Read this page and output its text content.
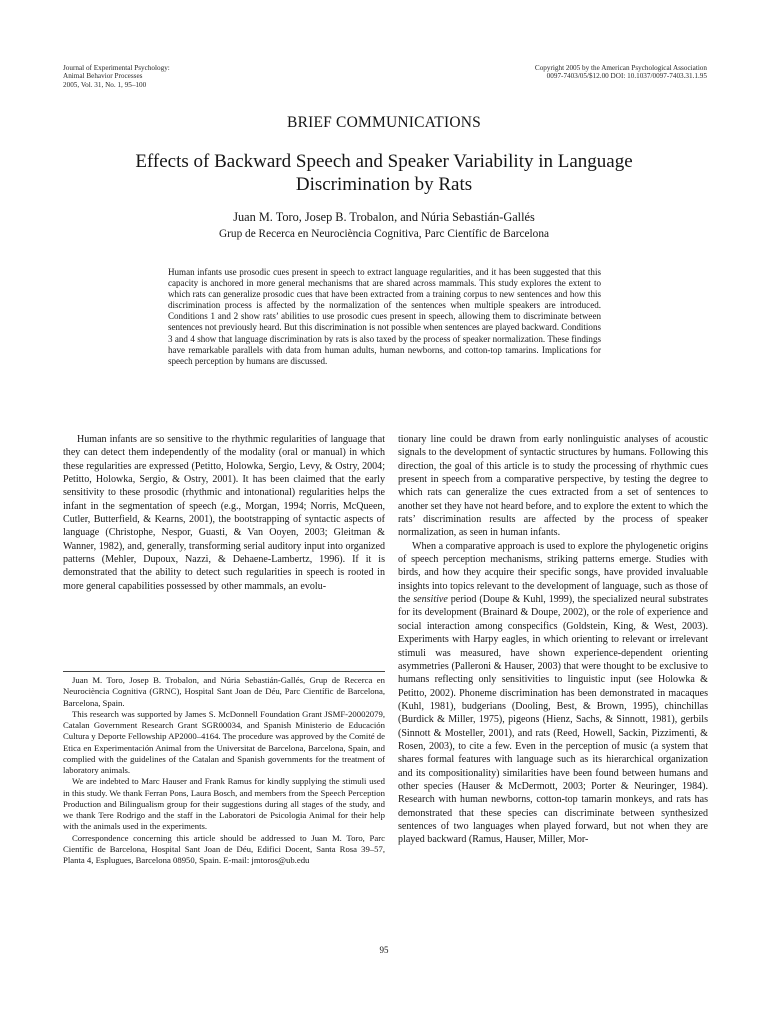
Journal of Experimental Psychology:
Animal Behavior Processes
2005, Vol. 31, No. 1, 95–100
Copyright 2005 by the American Psychological Association
0097-7403/05/$12.00 DOI: 10.1037/0097-7403.31.1.95
BRIEF COMMUNICATIONS
Effects of Backward Speech and Speaker Variability in Language
Discrimination by Rats
Juan M. Toro, Josep B. Trobalon, and Núria Sebastián-Gallés
Grup de Recerca en Neurociència Cognitiva, Parc Científic de Barcelona
Human infants use prosodic cues present in speech to extract language regularities, and it has been suggested that this capacity is anchored in more general mechanisms that are shared across mammals. This study explores the extent to which rats can generalize prosodic cues that have been extracted from a training corpus to new sentences and how this discrimination process is affected by the normalization of the sentences when multiple speakers are introduced. Conditions 1 and 2 show rats’ abilities to use prosodic cues present in speech, allowing them to discriminate between sentences not previously heard. But this discrimination is not possible when sentences are played backward. Conditions 3 and 4 show that language discrimination by rats is also taxed by the process of speaker normalization. These findings have remarkable parallels with data from human adults, human newborns, and cotton-top tamarins. Implications for speech perception by humans are discussed.

Human infants are so sensitive to the rhythmic regularities of language that they can detect them independently of the modality (oral or manual) in which these regularities are expressed (Petitto, Holowka, Sergio, Levy, & Ostry, 2004; Petitto, Holowka, Sergio, & Ostry, 2001). It has been claimed that the early sensitivity to these prosodic (rhythmic and intonational) regularities helps the infant in the segmentation of speech (e.g., Morgan, 1994; Norris, McQueen, Cutler, Butterfield, & Kearns, 2001), the bootstrapping of syntactic aspects of language (Christophe, Nespor, Guasti, & Van Ooyen, 2003; Gleitman & Wanner, 1982), and, generally, transforming serial auditory input into organized patterns (Mehler, Dupoux, Nazzi, & Dehaene-Lambertz, 1996). If it is demonstrated that the ability to detect such regularities in speech is rooted in more general capabilities possessed by other mammals, an evolu-

tionary line could be drawn from early nonlinguistic analyses of acoustic signals to the development of syntactic structures by humans. Following this direction, the goal of this article is to study the processing of rhythmic cues present in speech from a comparative perspective, by testing the degree to which rats can generalize the cues extracted from a set of sentences to another set they have not heard before, and to explore the extent to which the rats’ discrimination results are affected by the process of speaker normalization, as seen in human infants.

When a comparative approach is used to explore the phylogenetic origins of speech perception mechanisms, striking patterns emerge. Studies with birds, and how they acquire their specific songs, have provided invaluable insights into topics relevant to the development of language, such as those of the sensitive period (Doupe & Kuhl, 1999), the specialized neural substrates for its development (Brainard & Doupe, 2002), or the role of experience and social interaction among conspecifics (Goldstein, King, & West, 2003). Experiments with Harpy eagles, in which orienting to relevant or irrelevant stimuli was measured, have shown experience-dependent orienting asymmetries (Palleroni & Hauser, 2003) that were thought to be exclusive to humans reflecting only sensitivities to linguistic input (see Holowka & Petitto, 2002). Phoneme discrimination has been demonstrated in macaques (Kuhl, 1981), budgerians (Dooling, Best, & Brown, 1995), chinchillas (Burdick & Miller, 1975), pigeons (Hienz, Sachs, & Sinnott, 1981), gerbils (Sinnott & Mosteller, 2001), and rats (Reed, Howell, Sackin, Pizzimenti, & Rosen, 2003), to cite a few. Even in the perception of music (a system that shares formal features with language such as its hierarchical organization and its compositionality) similarities have been found between humans and other species (Hauser & McDermott, 2003; Porter & Neuringer, 1984). Research with human newborns, cotton-top tamarin monkeys, and rats has demonstrated that these species can discriminate between synthesized sentences of two languages when played forward, but not when they are played backward (Ramus, Hauser, Miller, Mor-

Juan M. Toro, Josep B. Trobalon, and Núria Sebastián-Gallés, Grup de Recerca en Neurociència Cognitiva (GRNC), Hospital Sant Joan de Déu, Parc Científic de Barcelona, Barcelona, Spain.

This research was supported by James S. McDonnell Foundation Grant JSMF-20002079, Catalan Government Research Grant SGR00034, and Spanish Ministerio de Educación Cultura y Deporte Fellowship AP2000–4164. The procedure was approved by the Comité de Etica en Experimentación Animal from the Universitat de Barcelona, Barcelona, Spain, and complied with the guidelines of the Catalan and Spanish governments for the treatment of laboratory animals.

We are indebted to Marc Hauser and Frank Ramus for kindly supplying the stimuli used in this study. We thank Ferran Pons, Laura Bosch, and members from the Speech Perception Production and Bilingualism group for their suggestions during all stages of the study, and we thank Tere Rodrigo and the staff in the Laboratori de Psicologia Animal for their help with the animals used in the experiments.

Correspondence concerning this article should be addressed to Juan M. Toro, Parc Científic de Barcelona, Hospital Sant Joan de Déu, Edifici Docent, Santa Rosa 39–57, Planta 4, Esplugues, Barcelona 08950, Spain. E-mail: jmtoros@ub.edu

95
